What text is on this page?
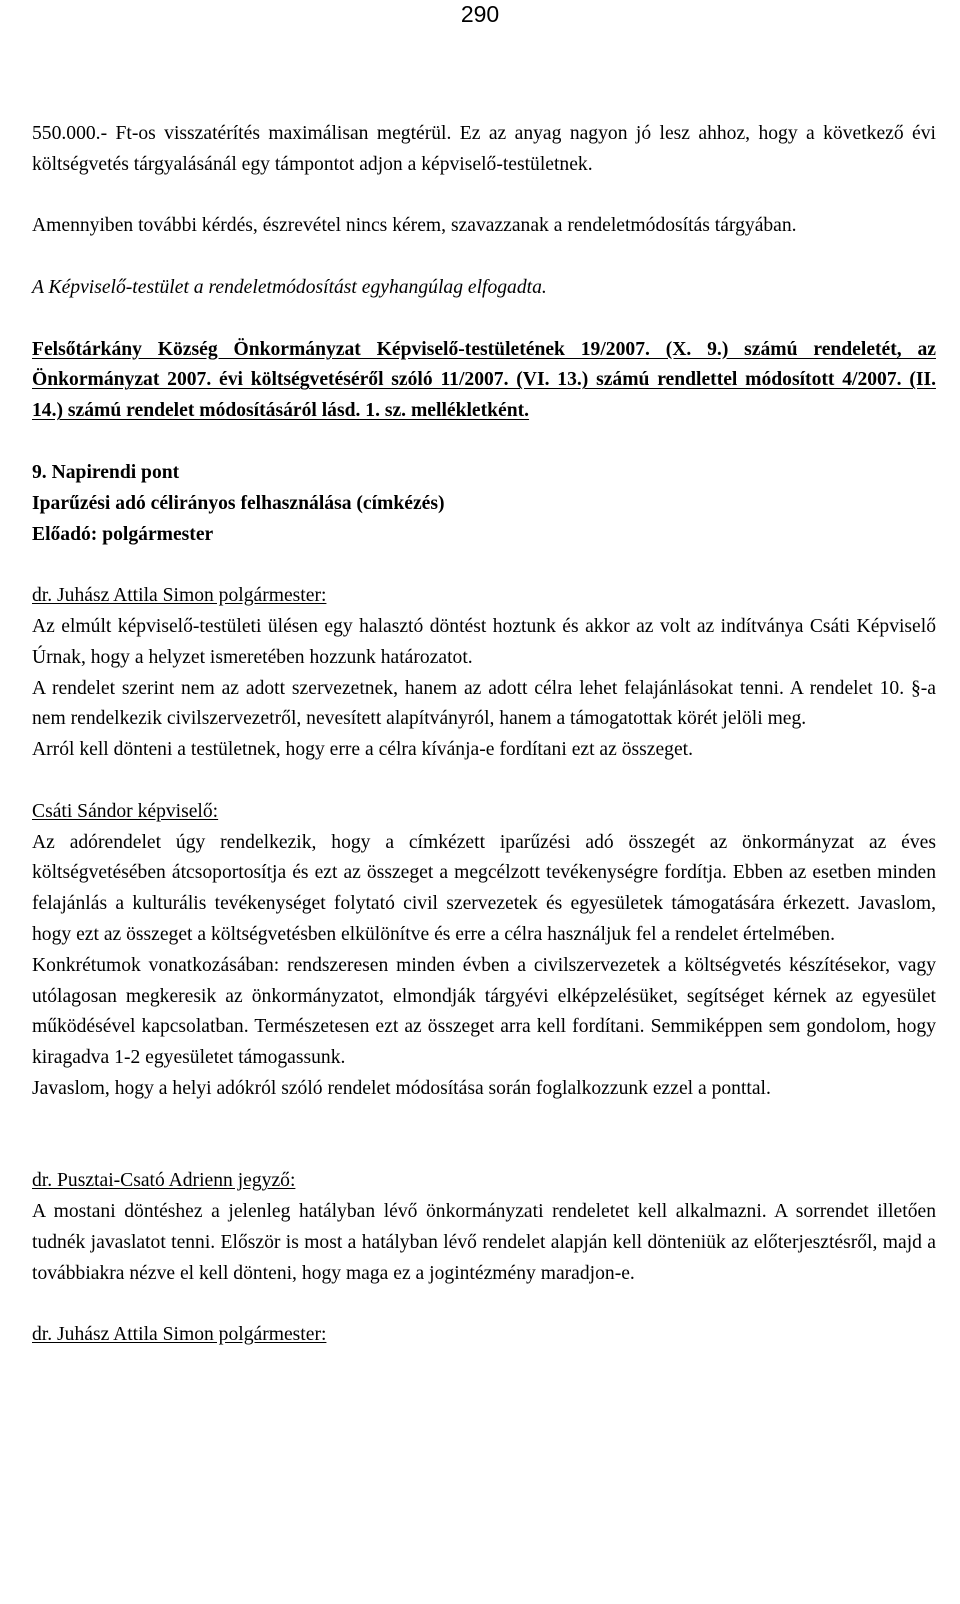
290

550.000.- Ft-os visszatérítés maximálisan megtérül. Ez az anyag nagyon jó lesz ahhoz, hogy a következő évi költségvetés tárgyalásánál egy támpontot adjon a képviselő-testületnek.

Amennyiben további kérdés, észrevétel nincs kérem, szavazzanak a rendeletmódosítás tárgyában.

A Képviselő-testület a rendeletmódosítást egyhangúlag elfogadta.

Felsőtárkány Község Önkormányzat Képviselő-testületének 19/2007. (X. 9.) számú rendeletét, az Önkormányzat 2007. évi költségvetéséről szóló 11/2007. (VI. 13.) számú rendlettel módosított 4/2007. (II. 14.) számú rendelet módosításáról lásd. 1. sz. mellékletként.

9. Napirendi pont

Iparűzési adó célirányos felhasználása (címkézés)

Előadó: polgármester

dr. Juhász Attila Simon polgármester:

Az elmúlt képviselő-testületi ülésen egy halasztó döntést hoztunk és akkor az volt az indítványa Csáti Képviselő Úrnak, hogy a helyzet ismeretében hozzunk határozatot.

A rendelet szerint nem az adott szervezetnek, hanem az adott célra lehet felajánlásokat tenni. A rendelet 10. §-a nem rendelkezik civilszervezetről, nevesített alapítványról, hanem a támogatottak körét jelöli meg.

Arról kell dönteni a testületnek, hogy erre a célra kívánja-e fordítani ezt az összeget.

Csáti Sándor képviselő:

Az adórendelet úgy rendelkezik, hogy a címkézett iparűzési adó összegét az önkormányzat az éves költségvetésében átcsoportosítja és ezt az összeget a megcélzott tevékenységre fordítja. Ebben az esetben minden felajánlás a kulturális tevékenységet folytató civil szervezetek és egyesületek támogatására érkezett. Javaslom, hogy ezt az összeget a költségvetésben elkülönítve és erre a célra használjuk fel a rendelet értelmében.

Konkrétumok vonatkozásában: rendszeresen minden évben a civilszervezetek a költségvetés készítésekor, vagy utólagosan megkeresik az önkormányzatot, elmondják tárgyévi elképzelésüket, segítséget kérnek az egyesület működésével kapcsolatban. Természetesen ezt az összeget arra kell fordítani. Semmiképpen sem gondolom, hogy kiragadva 1-2 egyesületet támogassunk.

Javaslom, hogy a helyi adókról szóló rendelet módosítása során foglalkozzunk ezzel a ponttal.

dr. Pusztai-Csató Adrienn jegyző:

A mostani döntéshez a jelenleg hatályban lévő önkormányzati rendeletet kell alkalmazni. A sorrendet illetően tudnék javaslatot tenni. Először is most a hatályban lévő rendelet alapján kell dönteniük az előterjesztésről, majd a továbbiakra nézve el kell dönteni, hogy maga ez a jogintézmény maradjon-e.

dr. Juhász Attila Simon polgármester:
